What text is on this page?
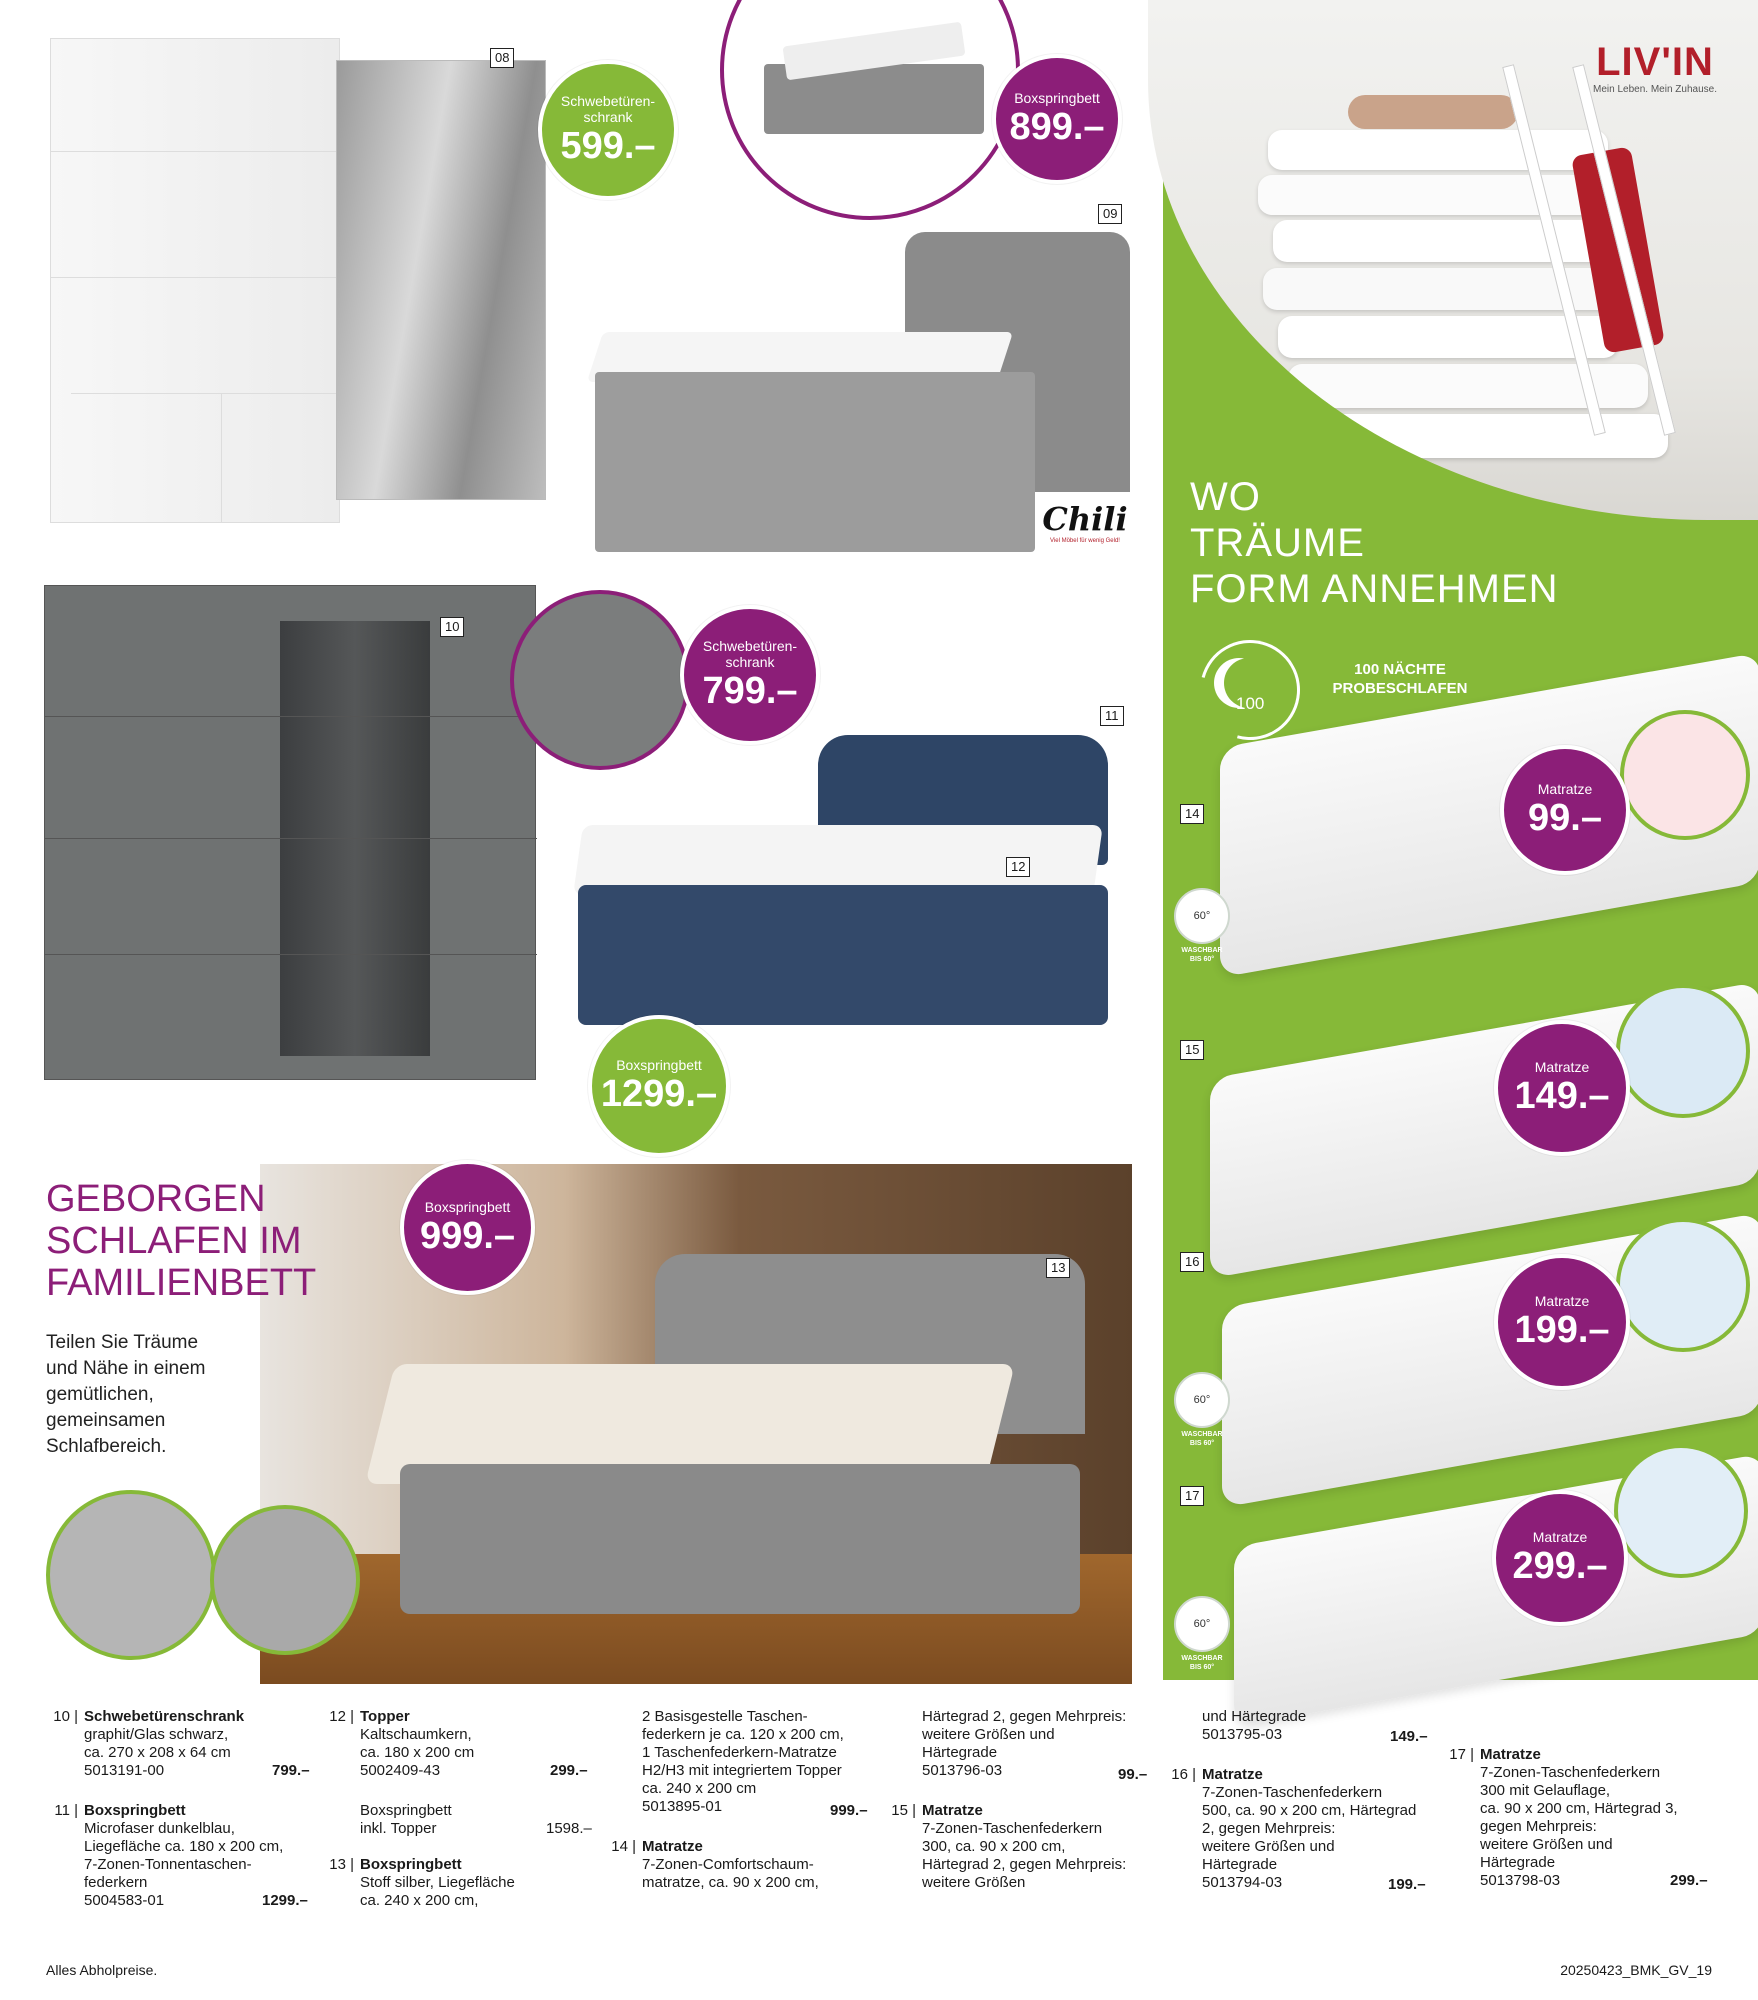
LIV'IN
Mein Leben. Mein Zuhause.
WO
TRÄUME
FORM ANNEHMEN
100
100 NÄCHTE
PROBESCHLAFEN
14
15
16
17
60°
WASCHBAR
BIS 60°
60°
WASCHBAR
BIS 60°
60°
WASCHBAR
BIS 60°
Matratze
99.–
Matratze
149.–
Matratze
199.–
Matratze
299.–
08
Schwebetüren-schrank
599.–
Boxspringbett
899.–
09
Chili
Viel Möbel für wenig Geld!
10
Schwebetüren-schrank
799.–
11
12
Boxspringbett
1299.–
13
Boxspringbett
999.–
GEBORGEN
SCHLAFEN IM
FAMILIENBETT
Teilen Sie Träume
und Nähe in einem
gemütlichen,
gemeinsamen
Schlafbereich.
10 | Schwebetürenschrank
graphit/Glas schwarz,
ca. 270 x 208 x 64 cm
5013191-00	799.–
11 | Boxspringbett
Microfaser dunkelblau,
Liegefläche ca. 180 x 200 cm,
7-Zonen-Tonnentaschen-
federkern
5004583-01	1299.–
12 | Topper
Kaltschaumkern,
ca. 180 x 200 cm
5002409-43	299.–
Boxspringbett
inkl. Topper	1598.–
13 | Boxspringbett
Stoff silber, Liegefläche
ca. 240 x 200 cm,
2 Basisgestelle Taschen-
federkern je ca. 120 x 200 cm,
1 Taschenfederkern-Matratze
H2/H3 mit integriertem Topper
ca. 240 x 200 cm
5013895-01	999.–
14 | Matratze
7-Zonen-Comfortschaum-
matratze, ca. 90 x 200 cm,
Härtegrad 2, gegen Mehrpreis:
weitere Größen und
Härtegrade
5013796-03	99.–
15 | Matratze
7-Zonen-Taschenfederkern
300, ca. 90 x 200 cm,
Härtegrad 2, gegen Mehrpreis:
weitere Größen
und Härtegrade
5013795-03	149.–
16 | Matratze
7-Zonen-Taschenfederkern
500, ca. 90 x 200 cm, Härtegrad
2, gegen Mehrpreis:
weitere Größen und
Härtegrade
5013794-03	199.–
17 | Matratze
7-Zonen-Taschenfederkern
300 mit Gelauflage,
ca. 90 x 200 cm, Härtegrad 3,
gegen Mehrpreis:
weitere Größen und
Härtegrade
5013798-03	299.–
Alles Abholpreise.	20250423_BMK_GV_19
